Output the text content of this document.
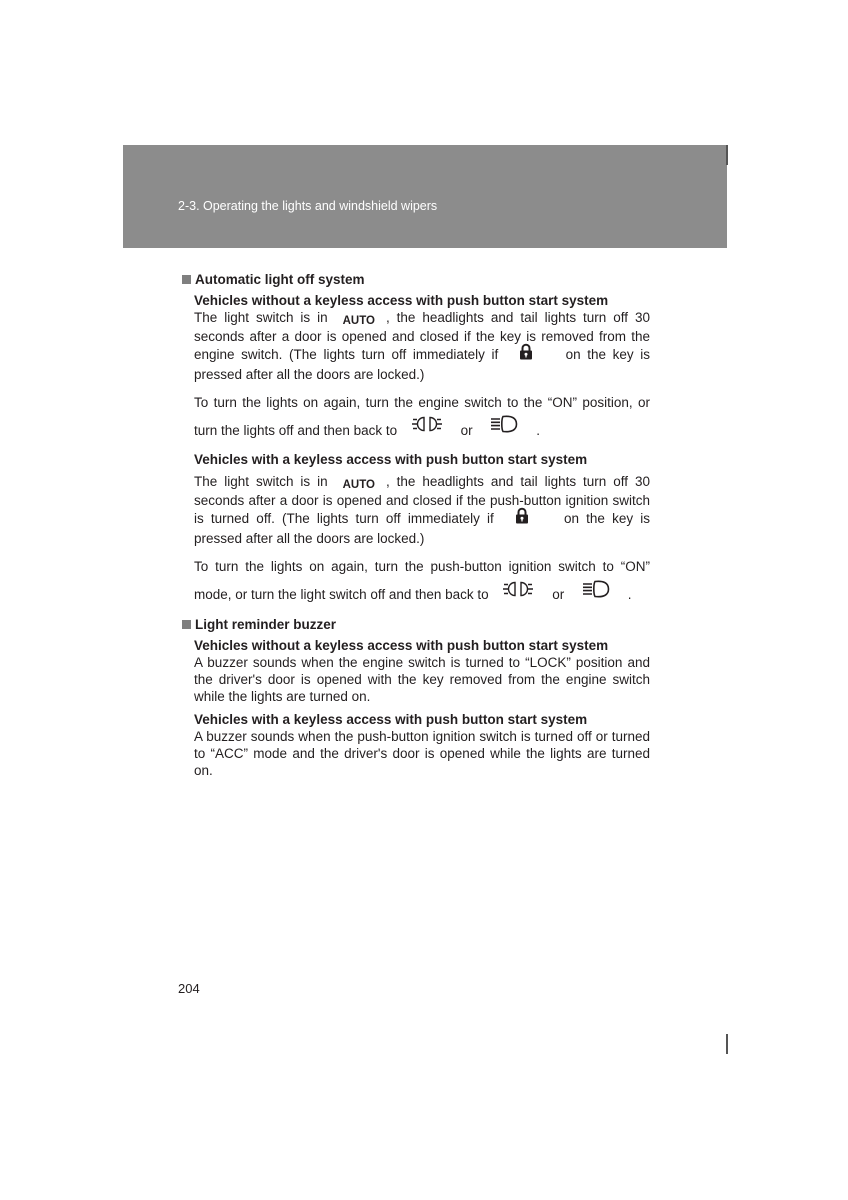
2-3. Operating the lights and windshield wipers
Automatic light off system

Vehicles without a keyless access with push button start system

The light switch is in AUTO , the headlights and tail lights turn off 30 seconds after a door is opened and closed if the key is removed from the engine switch. (The lights turn off immediately if	on the key is pressed after all the doors are locked.)

To turn the lights on again, turn the engine switch to the “ON” position, or turn the lights off and then back to	or	.

Vehicles with a keyless access with push button start system

The light switch is in AUTO , the headlights and tail lights turn off 30 seconds after a door is opened and closed if the push-button ignition switch is turned off. (The lights turn off immediately if	on the key is pressed after all the doors are locked.)

To turn the lights on again, turn the push-button ignition switch to “ON” mode, or turn the light switch off and then back to	or	.

Light reminder buzzer

Vehicles without a keyless access with push button start system

A buzzer sounds when the engine switch is turned to “LOCK” position and the driver's door is opened with the key removed from the engine switch while the lights are turned on.

Vehicles with a keyless access with push button start system

A buzzer sounds when the push-button ignition switch is turned off or turned to “ACC” mode and the driver's door is opened while the lights are turned on.

204
